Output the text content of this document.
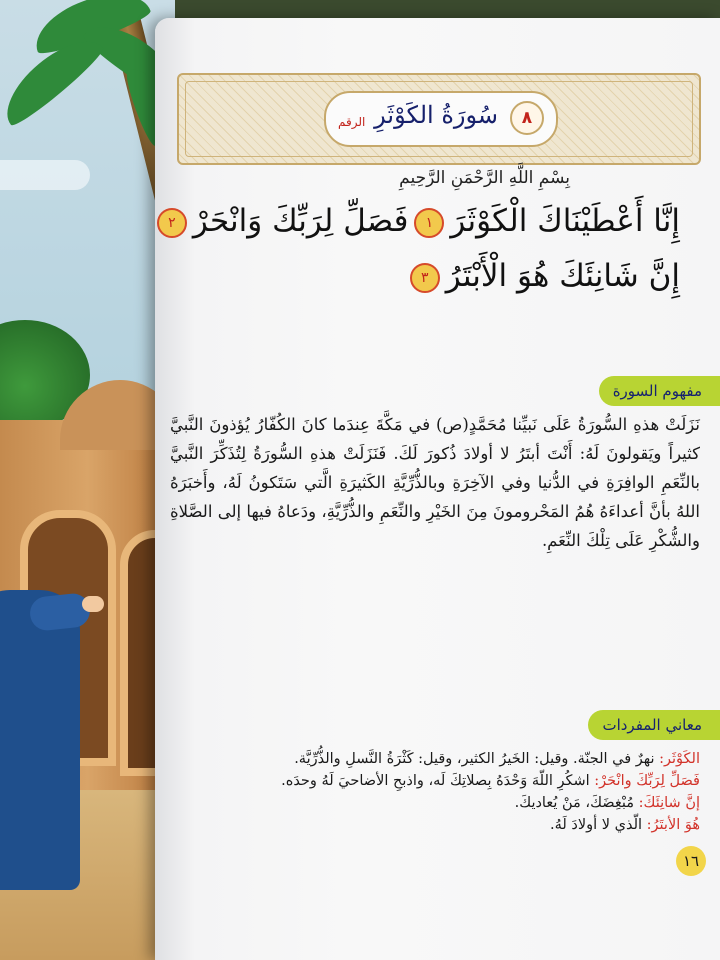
سُورَةُ الكَوْثَرِ	٨
الرقم
بِسْمِ اللَّهِ الرَّحْمَنِ الرَّحِيمِ
إِنَّا أَعْطَيْنَاكَ الْكَوْثَرَ١فَصَلِّ لِرَبِّكَ وَانْحَرْ٢
إِنَّ شَانِئَكَ هُوَ الْأَبْتَرُ٣
مفهوم السورة
نَزَلَتْ هذهِ السُّورَةُ عَلَى نَبيِّنا مُحَمَّدٍ(ص) في مَكَّةَ عِندَما كانَ الكُفّارُ يُؤذونَ النَّبيَّ كثيراً ويَقولونَ لَهُ: أَنْتَ أبتَرُ لا أولادَ ذُكورَ لَكَ. فَنَزَلَتْ هذهِ السُّورَةُ لِتُذَكِّرَ النَّبيَّ بالنِّعَمِ الوافِرَةِ في الدُّنيا وفي الآخِرَةِ وبالذُّرِّيَّةِ الكَثيرَةِ الَّتي سَتَكونُ لَهُ، وأَخبَرَهُ اللهُ بأنَّ أعداءَهُ هُمُ المَحْرومونَ مِنَ الخَيْرِ والنِّعَمِ والذُّرِّيَّةِ، ودَعاهُ فيها إلى الصَّلاةِ والشُّكْرِ عَلَى تِلْكَ النِّعَمِ.
معاني المفردات
الكَوْثَر: نهرٌ في الجنّة. وقيل: الخَيرُ الكثير، وقيل: كَثْرَةُ النَّسلِ والذُّرِّيَّة.
فَصَلِّ لِرَبِّكَ وانْحَرْ: اشكُرِ اللّهَ وَحْدَهُ بِصلاتِكَ لَه، واذبحِ الأضاحيَ لَهُ وحدَه.
إنَّ شانِئَكَ: مُبْغِضَكَ، مَنْ يُعاديكَ.
هُوَ الأبتَرُ: الّذي لا أولادَ لَهُ.
١٦
